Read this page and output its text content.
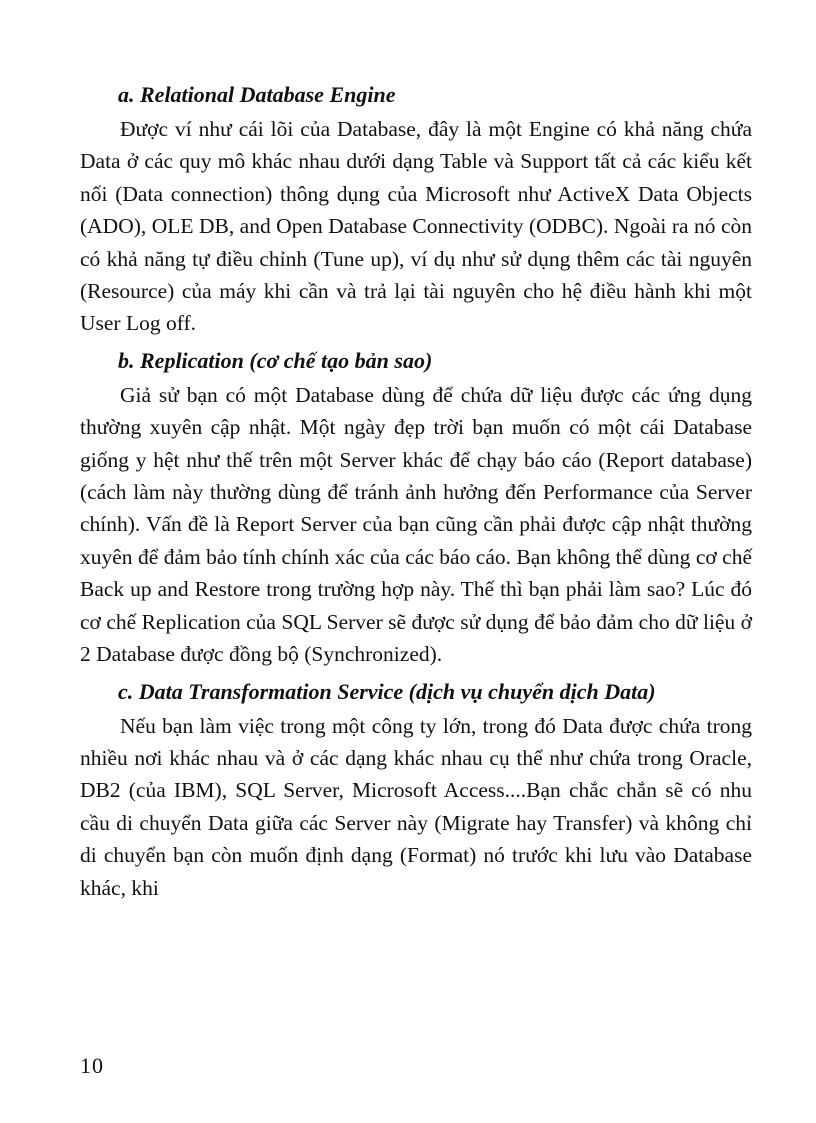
a. Relational Database Engine

Được ví như cái lõi của Database, đây là một Engine có khả năng chứa Data ở các quy mô khác nhau dưới dạng Table và Support tất cả các kiểu kết nối (Data connection) thông dụng của Microsoft như ActiveX Data Objects (ADO), OLE DB, and Open Database Connectivity (ODBC). Ngoài ra nó còn có khả năng tự điều chỉnh (Tune up), ví dụ như sử dụng thêm các tài nguyên (Resource) của máy khi cần và trả lại tài nguyên cho hệ điều hành khi một User Log off.

b. Replication (cơ chế tạo bản sao)

Giả sử bạn có một Database dùng để chứa dữ liệu được các ứng dụng thường xuyên cập nhật. Một ngày đẹp trời bạn muốn có một cái Database giống y hệt như thế trên một Server khác để chạy báo cáo (Report database) (cách làm này thường dùng để tránh ảnh hưởng đến Performance của Server chính). Vấn đề là Report Server của bạn cũng cần phải được cập nhật thường xuyên để đảm bảo tính chính xác của các báo cáo. Bạn không thể dùng cơ chế Back up and Restore trong trường hợp này. Thế thì bạn phải làm sao? Lúc đó cơ chế Replication của SQL Server sẽ được sử dụng để bảo đảm cho dữ liệu ở 2 Database được đồng bộ (Synchronized).

c. Data Transformation Service (dịch vụ chuyển dịch Data)

Nếu bạn làm việc trong một công ty lớn, trong đó Data được chứa trong nhiều nơi khác nhau và ở các dạng khác nhau cụ thể như chứa trong Oracle, DB2 (của IBM), SQL Server, Microsoft Access....Bạn chắc chắn sẽ có nhu cầu di chuyển Data giữa các Server này (Migrate hay Transfer) và không chỉ di chuyển bạn còn muốn định dạng (Format) nó trước khi lưu vào Database khác, khi

10
